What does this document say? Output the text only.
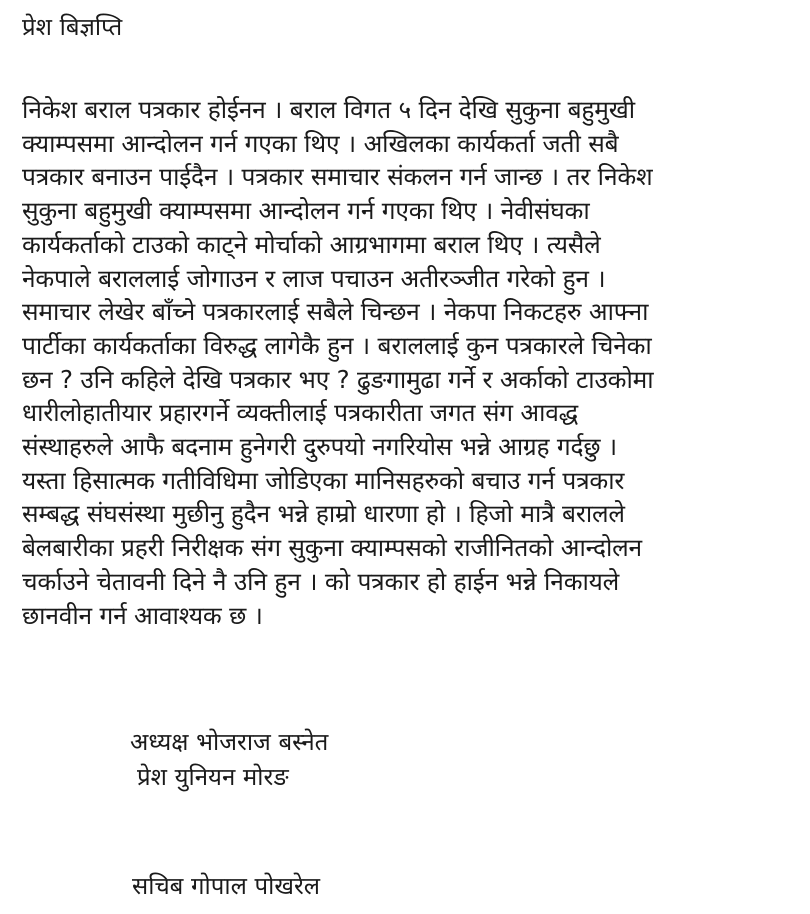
प्रेश बिज्ञप्ति
निकेश बराल पत्रकार होईनन । बराल विगत ५ दिन देखि सुकुना बहुमुखी
क्याम्पसमा आन्दोलन गर्न गएका थिए । अखिलका कार्यकर्ता जती सबै
पत्रकार बनाउन पाईदैन । पत्रकार समाचार संकलन गर्न जान्छ । तर निकेश
सुकुना बहुमुखी क्याम्पसमा आन्दोलन गर्न गएका थिए । नेवीसंघका
कार्यकर्ताको टाउको काट्ने मोर्चाको आग्रभागमा बराल थिए । त्यसैले
नेकपाले बराललाई जोगाउन र लाज पचाउन अतीरञ्जीत गरेको हुन ।
समाचार लेखेर बाँच्ने पत्रकारलाई सबैले चिन्छन । नेकपा निकटहरु आफ्ना
पार्टीका कार्यकर्ताका विरुद्ध लागेकै हुन । बराललाई कुन पत्रकारले चिनेका
छन ? उनि कहिले देखि पत्रकार भए ? ढुङगामुढा गर्ने र अर्काको टाउकोमा
धारीलोहातीयार प्रहारगर्ने व्यक्तीलाई पत्रकारीता जगत संग आवद्ध
संस्थाहरुले आफै बदनाम हुनेगरी दुरुपयो नगरियोस भन्ने आग्रह गर्दछु ।
यस्ता हिसात्मक गतीविधिमा जोडिएका मानिसहरुको बचाउ गर्न पत्रकार
सम्बद्ध संघसंस्था मुछीनु हुदैन भन्ने हाम्रो धारणा हो । हिजो मात्रै बरालले
बेलबारीका प्रहरी निरीक्षक संग सुकुना क्याम्पसको राजीनितको आन्दोलन
चर्काउने चेतावनी दिने नै उनि हुन । को पत्रकार हो हाईन भन्ने निकायले
छानवीन गर्न आवाश्यक छ ।
अध्यक्ष भोजराज बस्नेत
प्रेश युनियन मोरङ
सचिब गोपाल पोखरेल
